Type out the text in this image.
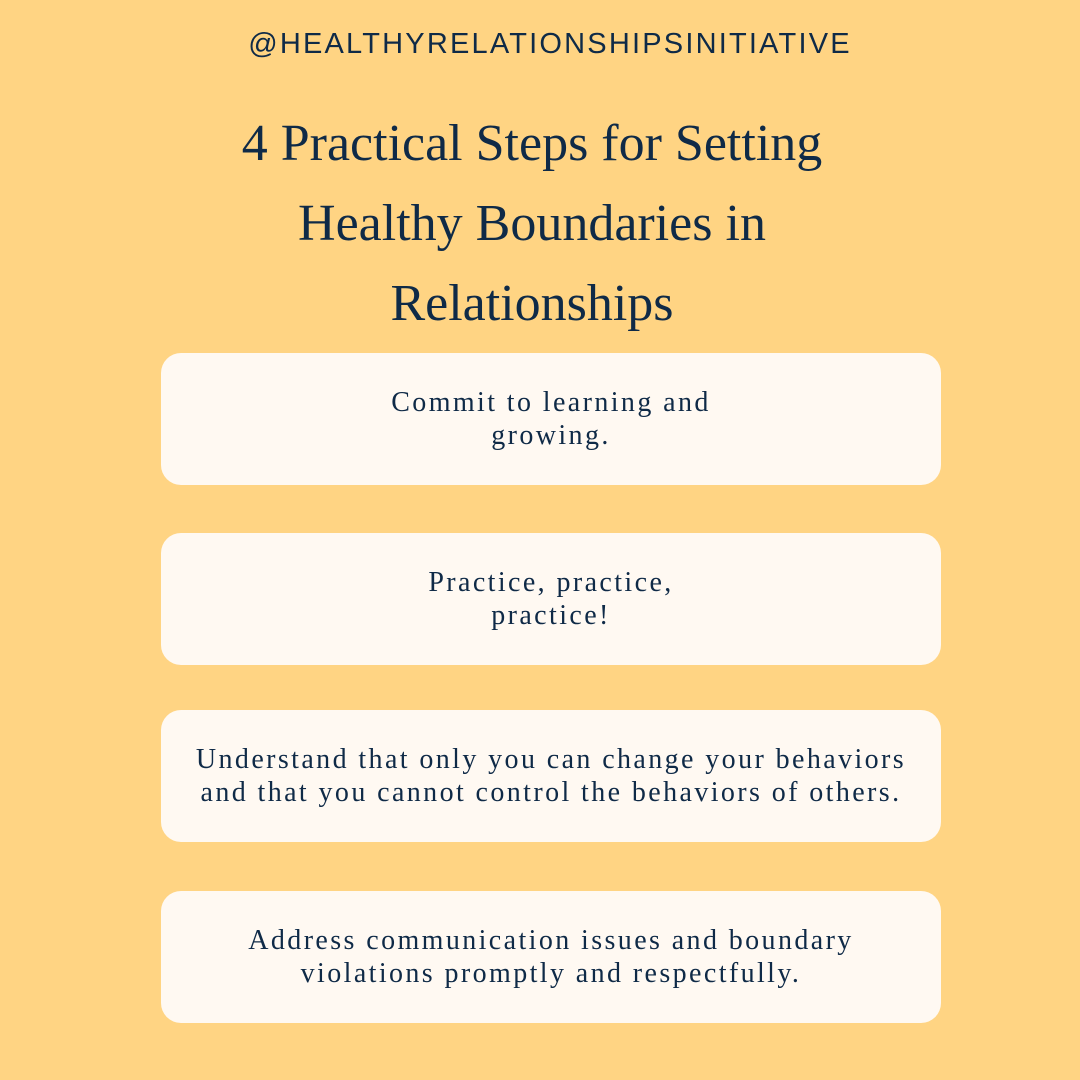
@HEALTHYRELATIONSHIPSINITIATIVE
4 Practical Steps for Setting Healthy Boundaries in Relationships
Commit to learning and growing.
Practice, practice, practice!
Understand that only you can change your behaviors and that you cannot control the behaviors of others.
Address communication issues and boundary violations promptly and respectfully.
